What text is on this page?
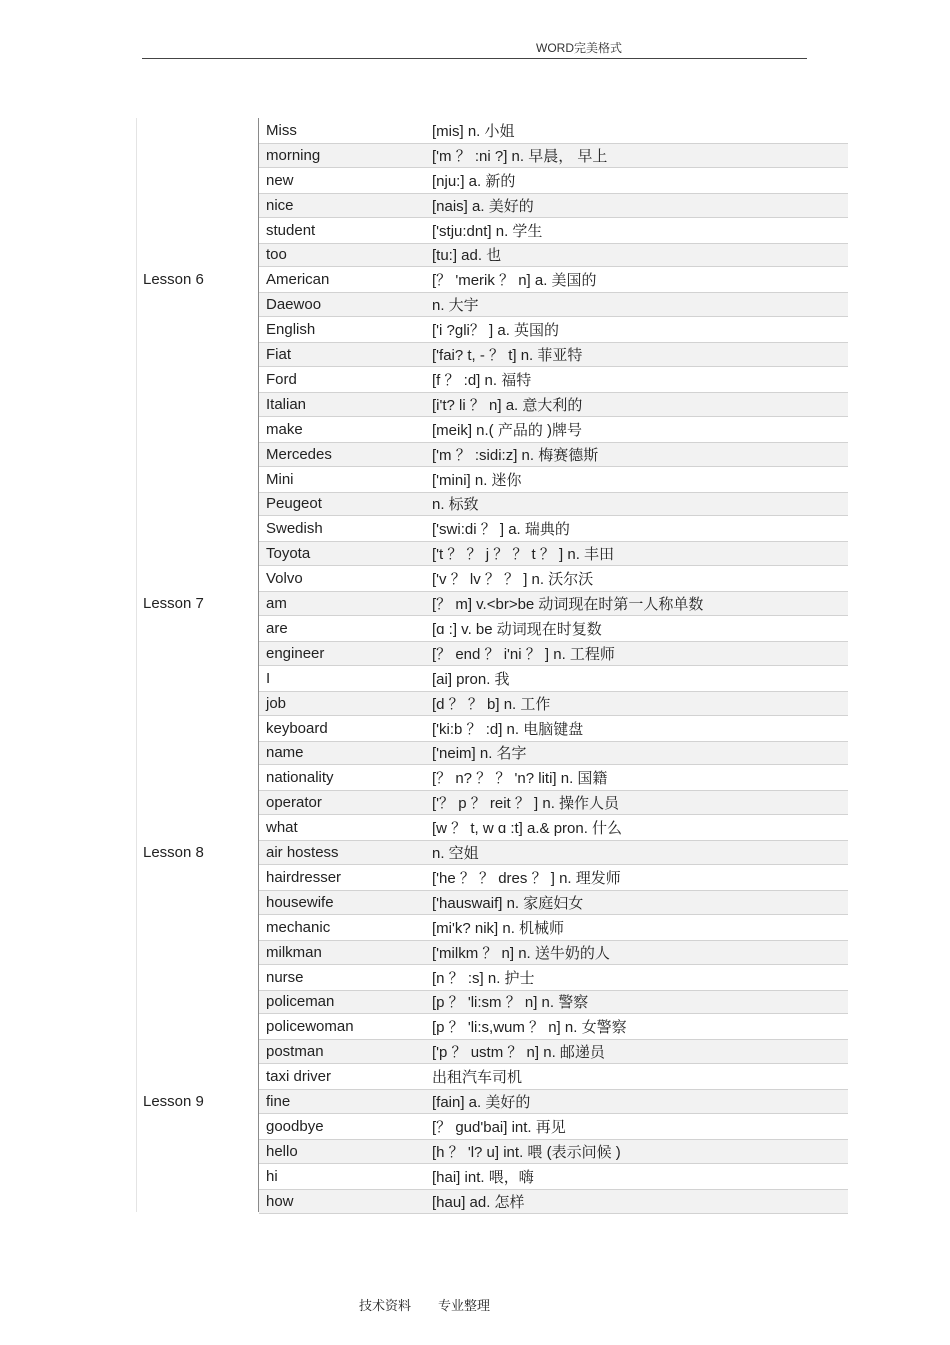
WORD完美格式
Miss	[mis] n. 小姐
morning	['m ？ :ni ?] n. 早晨， 早上
new	[nju:] a. 新的
nice	[nais] a. 美好的
student	['stju:dnt] n. 学生
too	[tu:] ad. 也
Lesson 6	American	[？ 'merik ？ n] a. 美国的
Daewoo	n. 大宇
English	['i ?gli？ ] a. 英国的
Fiat	['fai? t, - ？ t] n. 菲亚特
Ford	[f ？ :d] n. 福特
Italian	[i't? li ？ n] a. 意大利的
make	[meik] n.( 产品的 )牌号
Mercedes	['m ？ :sidi:z] n. 梅赛德斯
Mini	['mini] n. 迷你
Peugeot	n. 标致
Swedish	['swi:di ？ ] a. 瑞典的
Toyota	['t ？ ？ j ？ ？ t ？ ] n. 丰田
Volvo	['v ？ lv ？ ？ ] n. 沃尔沃
Lesson 7	am	[？ m] v.<br>be 动词现在时第一人称单数
are	[ɑ :] v. be 动词现在时复数
engineer	[？ end ？ i'ni ？ ] n. 工程师
I	[ai] pron. 我
job	[d ？ ？ b] n. 工作
keyboard	['ki:b ？ :d] n. 电脑键盘
name	['neim] n. 名字
nationality	[？ n? ？ ？ 'n? liti] n. 国籍
operator	['？ p ？ reit ？ ] n. 操作人员
what	[w ？ t, w ɑ :t] a.& pron. 什么
Lesson 8	air hostess	n. 空姐
hairdresser	['he ？ ？ dres ？ ] n. 理发师
housewife	['hauswaif] n. 家庭妇女
mechanic	[mi'k? nik] n. 机械师
milkman	['milkm ？ n] n. 送牛奶的人
nurse	[n ？ :s] n. 护士
policeman	[p ？ 'li:sm ？ n] n. 警察
policewoman	[p ？ 'li:s,wum ？ n] n. 女警察
postman	['p ？ ustm ？ n] n. 邮递员
taxi driver	出租汽车司机
Lesson 9	fine	[fain] a. 美好的
goodbye	[？ gud'bai] int. 再见
hello	[h ？ 'l? u] int. 喂 (表示问候 )
hi	[hai] int. 喂，嗨
how	[hau] ad. 怎样
技术资料 专业整理
